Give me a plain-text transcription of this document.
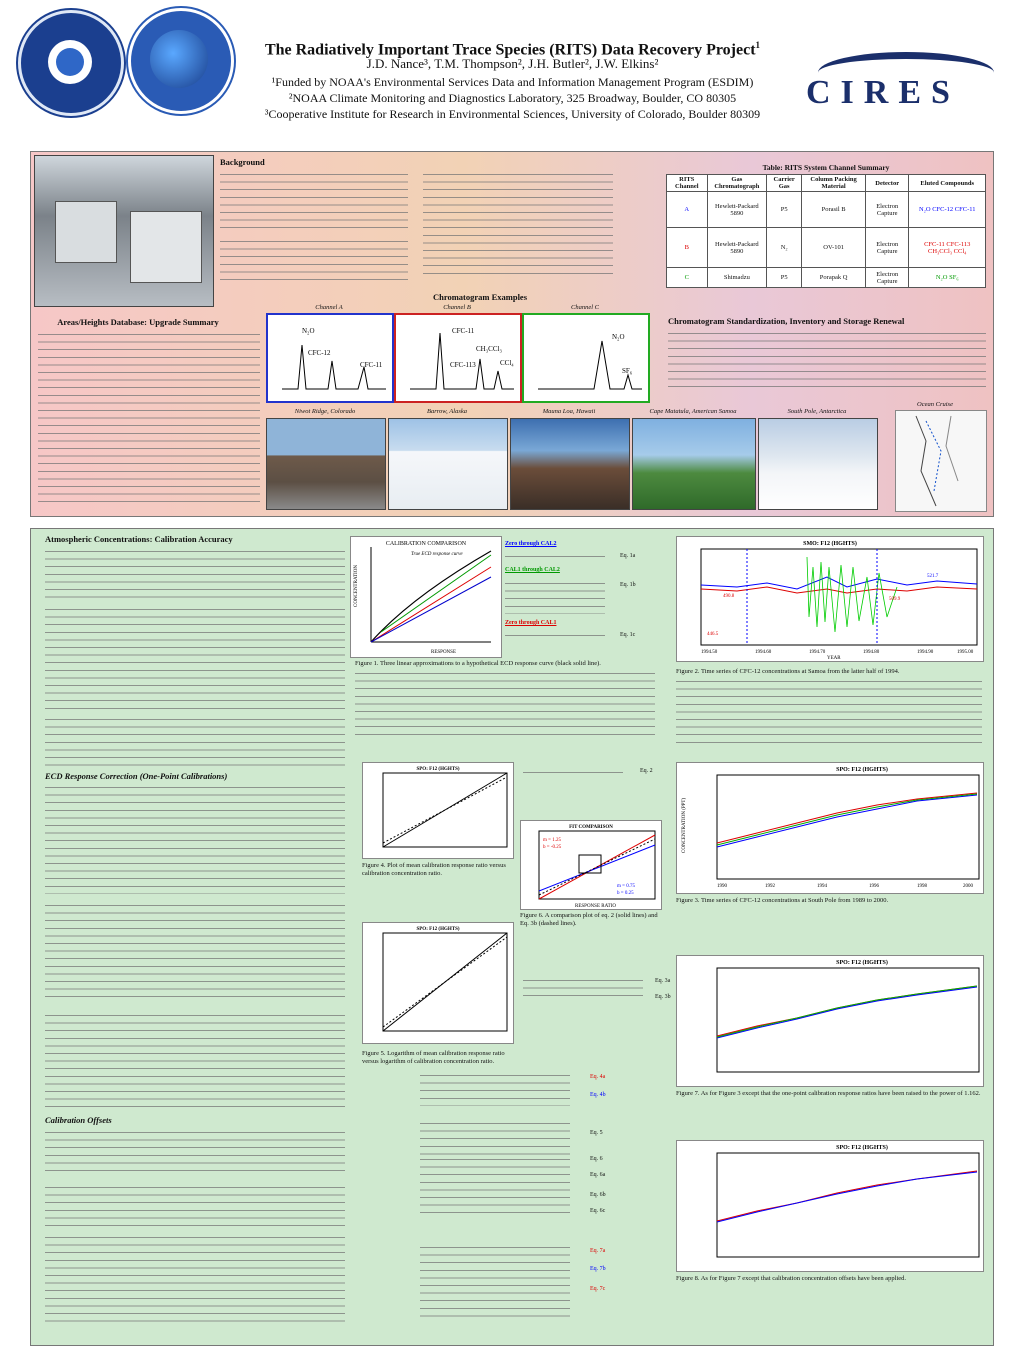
CIRES
The Radiatively Important Trace Species (RITS) Data Recovery Project$^1$
J.D. Nance³, T.M. Thompson², J.H. Butler², J.W. Elkins²
¹Funded by NOAA's Environmental Services Data and Information Management Program (ESDIM)
²NOAA Climate Monitoring and Diagnostics Laboratory, 325 Broadway, Boulder, CO 80305
³Cooperative Institute for Research in Environmental Sciences, University of Colorado, Boulder 80309
Background
Table: RITS System Channel Summary
RITS Channel	Gas Chromatograph	Carrier Gas	Column Packing Material	Detector	Eluted Compounds
A	Hewlett-Packard 5890	P5	Porasil B	Electron Capture	N₂O CFC-12 CFC-11
B	Hewlett-Packard 5890	N₂	OV-101	Electron Capture	CFC-11 CFC-113 CH₃CCl₃ CCl₄
C	Shimadzu	P5	Porapak Q	Electron Capture	N₂O SF₆
Areas/Heights Database: Upgrade Summary
Chromatogram Examples
Channel A	Channel B	Channel C
N₂O
CFC-12
CFC-11
CFC-11
CH₃CCl₃
CFC-113	CCl₄
N₂O
SF₆
Chromatogram Standardization, Inventory and Storage Renewal
Ocean Cruise
Niwot Ridge, Colorado	Barrow, Alaska	Mauna Loa, Hawaii	Cape Matatula, American Samoa	South Pole, Antarctica
Atmospheric Concentrations: Calibration Accuracy
ECD Response Correction (One-Point Calibrations)
Calibration Offsets
CALIBRATION COMPARISON
True ECD response curve
RESPONSE
CONCENTRATION
Zero through CAL2
CAL1 through CAL2
Zero through CAL1
Eq. 1a
Eq. 1b
Eq. 1c
Figure 1. Three linear approximations to a hypothetical ECD response curve (black solid line).
SMO: F12 (HGHTS)
521.7
490.8
509.9
446.5
1994.50	1994.60	1994.70	1994.80	1994.90	1995.00
YEAR
Figure 2. Time series of CFC-12 concentrations at Samoa from the latter half of 1994.
SPO: F12 (HGHTS)
Figure 4. Plot of mean calibration response ratio versus calibration concentration ratio.
Eq. 2
FIT COMPARISON
m = 1.25
b = -0.25
m = 0.75
b = 0.25
RESPONSE RATIO
Figure 6. A comparison plot of eq. 2 (solid lines) and Eq. 3b (dashed lines).
SPO: F12 (HGHTS)
Figure 5. Logarithm of mean calibration response ratio versus logarithm of calibration concentration ratio.
Eq. 3a
Eq. 3b
Eq. 4a
Eq. 4b
Eq. 5
Eq. 6
Eq. 6a
Eq. 6b
Eq. 6c
Eq. 7a
Eq. 7b
Eq. 7c
SPO: F12 (HGHTS)
1990	1992	1994	1996	1998	2000
CONCENTRATION (PPT)
Figure 3. Time series of CFC-12 concentrations at South Pole from 1989 to 2000.
SPO: F12 (HGHTS)
Figure 7. As for Figure 3 except that the one-point calibration response ratios have been raised to the power of 1.162.
SPO: F12 (HGHTS)
Figure 8. As for Figure 7 except that calibration concentration offsets have been applied.
